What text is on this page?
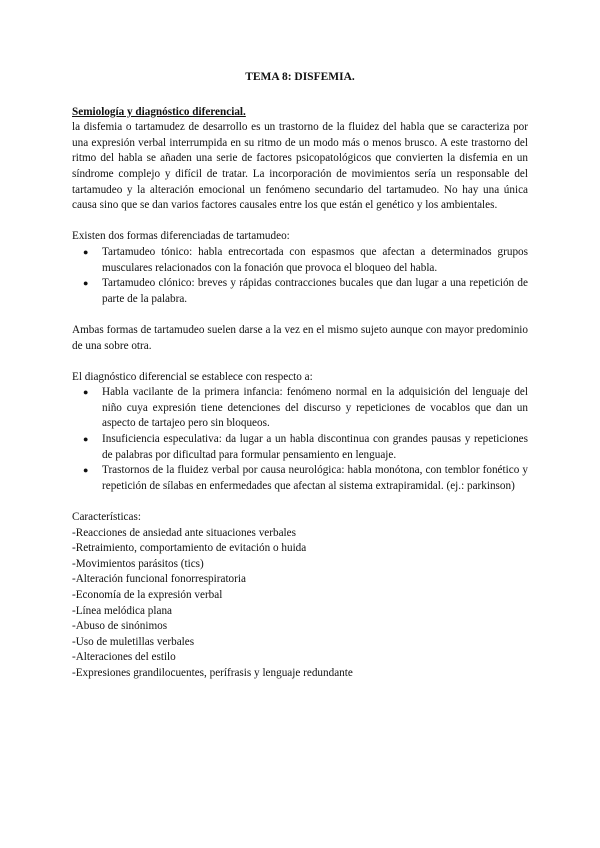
TEMA 8: DISFEMIA.
Semiología y diagnóstico diferencial.

la disfemia o tartamudez de desarrollo es un trastorno de la fluidez del habla que se caracteriza por una expresión verbal interrumpida en su ritmo de un modo más o menos brusco. A este trastorno del ritmo del habla se añaden una serie de factores psicopatológicos que convierten la disfemia en un síndrome complejo y difícil de tratar. La incorporación de movimientos sería un responsable del tartamudeo y la alteración emocional un fenómeno secundario del tartamudeo. No hay una única causa sino que se dan varios factores causales entre los que están el genético y los ambientales.

Existen dos formas diferenciadas de tartamudeo:

● Tartamudeo tónico: habla entrecortada con espasmos que afectan a determinados grupos musculares relacionados con la fonación que provoca el bloqueo del habla.
● Tartamudeo clónico: breves y rápidas contracciones bucales que dan lugar a una repetición de parte de la palabra.

Ambas formas de tartamudeo suelen darse a la vez en el mismo sujeto aunque con mayor predominio de una sobre otra.

El diagnóstico diferencial se establece con respecto a:

● Habla vacilante de la primera infancia: fenómeno normal en la adquisición del lenguaje del niño cuya expresión tiene detenciones del discurso y repeticiones de vocablos que dan un aspecto de tartajeo pero sin bloqueos.
● Insuficiencia especulativa: da lugar a un habla discontinua con grandes pausas y repeticiones de palabras por dificultad para formular pensamiento en lenguaje.
● Trastornos de la fluidez verbal por causa neurológica: habla monótona, con temblor fonético y repetición de sílabas en enfermedades que afectan al sistema extrapiramidal. (ej.: parkinson)
Características:
-Reacciones de ansiedad ante situaciones verbales
-Retraimiento, comportamiento de evitación o huida
-Movimientos parásitos (tics)
-Alteración funcional fonorrespiratoria
-Economía de la expresión verbal
-Línea melódica plana
-Abuso de sinónimos
-Uso de muletillas verbales
-Alteraciones del estilo
-Expresiones grandilocuentes, perífrasis y lenguaje redundante
